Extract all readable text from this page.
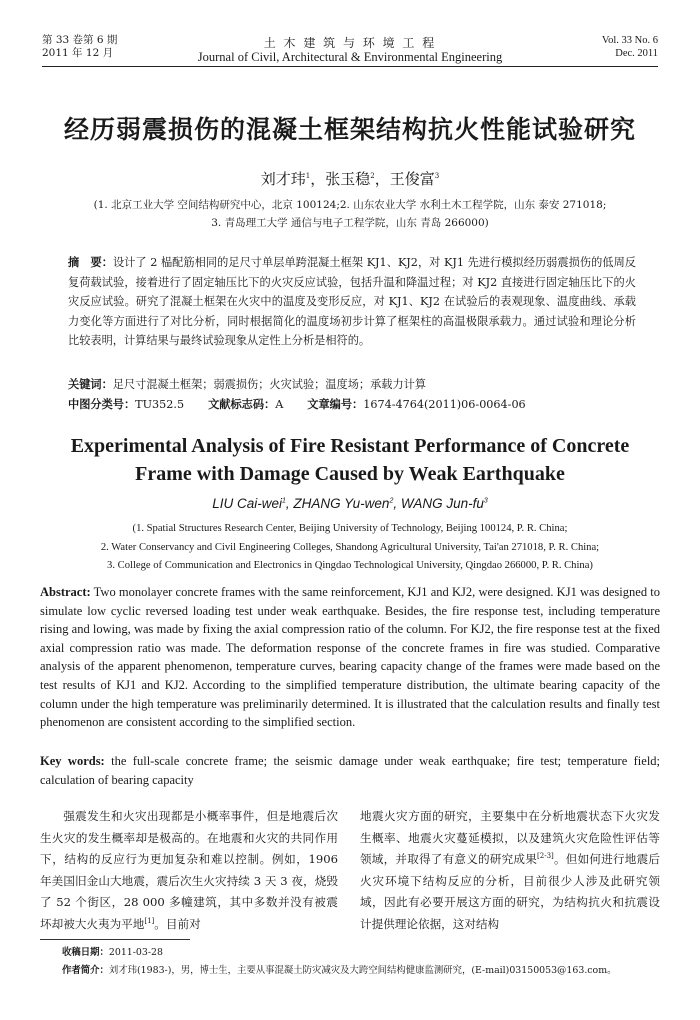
第 33 卷第 6 期
2011 年 12 月
土 木 建 筑 与 环 境 工 程
Journal of Civil, Architectural & Environmental Engineering
Vol. 33 No. 6
Dec. 2011
经历弱震损伤的混凝土框架结构抗火性能试验研究
刘才玮$^1$，张玉稳$^2$，王俊富$^3$
(1. 北京工业大学 空间结构研究中心，北京 100124;2. 山东农业大学 水利土木工程学院，山东 泰安 271018;
3. 青岛理工大学 通信与电子工程学院，山东 青岛 266000)
摘　要：设计了 2 榀配筋相同的足尺寸单层单跨混凝土框架 KJ1、KJ2，对 KJ1 先进行模拟经历弱震损伤的低周反复荷载试验，接着进行了固定轴压比下的火灾反应试验，包括升温和降温过程；对 KJ2 直接进行固定轴压比下的火灾反应试验。研究了混凝土框架在火灾中的温度及变形反应，对 KJ1、KJ2 在试验后的表观现象、温度曲线、承载力变化等方面进行了对比分析，同时根据简化的温度场初步计算了框架柱的高温极限承载力。通过试验和理论分析比较表明，计算结果与最终试验现象从定性上分析是相符的。
关键词：足尺寸混凝土框架；弱震损伤；火灾试验；温度场；承载力计算
中图分类号：TU352.5 文献标志码：A 文章编号：1674-4764(2011)06-0064-06
Experimental Analysis of Fire Resistant Performance of Concrete
Frame with Damage Caused by Weak Earthquake
LIU Cai-wei$^1$, ZHANG Yu-wen$^2$, WANG Jun-$fu^3$
(1. Spatial Structures Research Center, Beijing University of Technology, Beijing 100124, P. R. China;
2. Water Conservancy and Civil Engineering Colleges, Shandong Agricultural University, Tai'an 271018, P. R. China;
3. College of Communication and Electronics in Qingdao Technological University, Qingdao 266000, P. R. China)
Abstract: Two monolayer concrete frames with the same reinforcement, KJ1 and KJ2, were designed. KJ1 was designed to simulate low cyclic reversed loading test under weak earthquake. Besides, the fire response test, including temperature rising and lowing, was made by fixing the axial compression ratio of the column. For KJ2, the fire response test at the fixed axial compression ratio was made. The deformation response of the concrete frames in fire was studied. Comparative analysis of the apparent phenomenon, temperature curves, bearing capacity change of the frames were made based on the test results of KJ1 and KJ2. According to the simplified temperature distribution, the ultimate bearing capacity of the column under the high temperature was preliminarily determined. It is illustrated that the calculation results and finally test phenomenon are consistent according to the simplified section.
Key words: the full-scale concrete frame; the seismic damage under weak earthquake; fire test; temperature field; calculation of bearing capacity
强震发生和火灾出现都是小概率事件，但是地震后次生火灾的发生概率却是极高的。在地震和火灾的共同作用下，结构的反应行为更加复杂和难以控制。例如，1906 年美国旧金山大地震，震后次生火灾持续 3 天 3 夜，烧毁了 52 个街区，28 000 多幢建筑，其中多数并没有被震坏却被大火夷为平地[1]。目前对
地震火灾方面的研究，主要集中在分析地震状态下火灾发生概率、地震火灾蔓延模拟，以及建筑火灾危险性评估等领域，并取得了有意义的研究成果[2-3]。但如何进行地震后火灾环境下结构反应的分析，目前很少人涉及此研究领域，因此有必要开展这方面的研究，为结构抗火和抗震设计提供理论依据，这对结构
收稿日期：2011-03-28
作者简介：刘才玮(1983-)，男，博士生，主要从事混凝土防灾减灾及大跨空间结构健康监测研究，(E-mail)03150053@163.com。
